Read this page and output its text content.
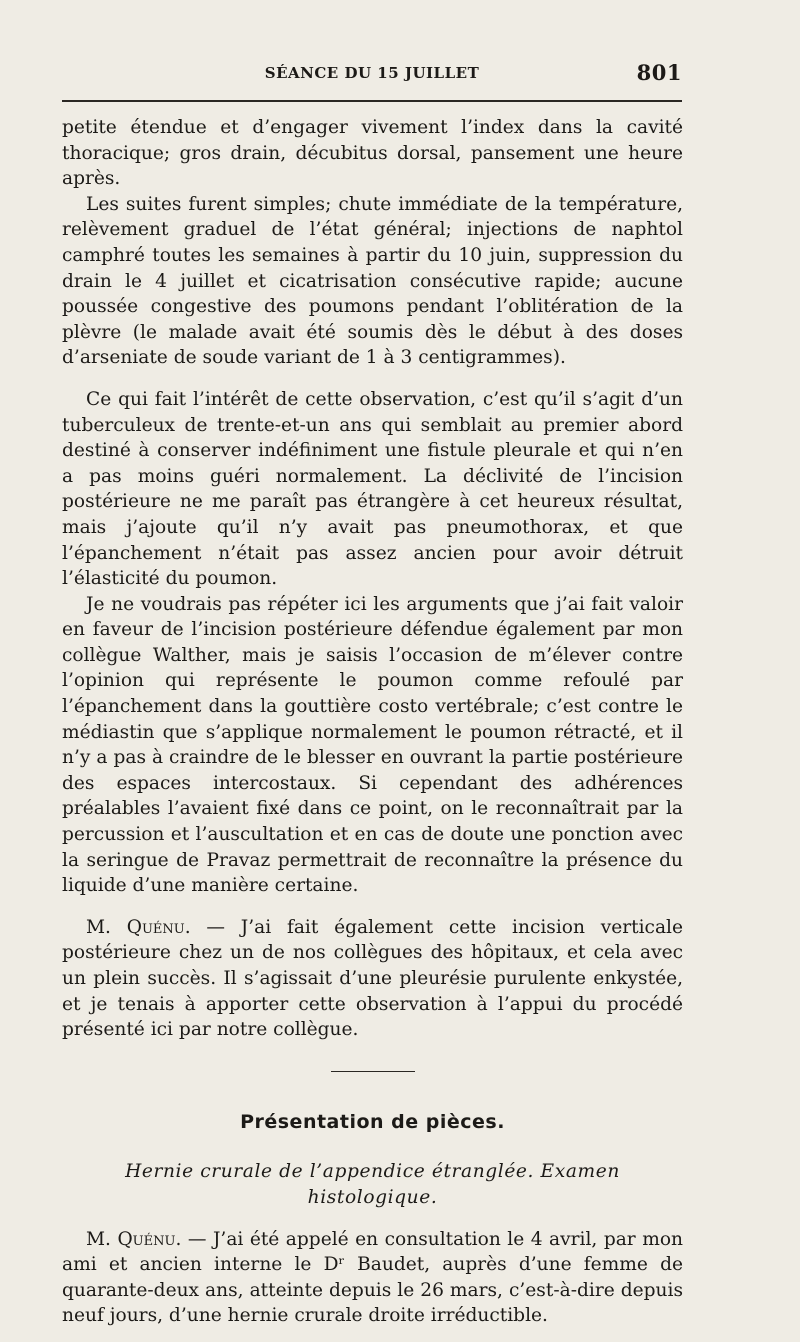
SÉANCE DU 15 JUILLET	801

petite étendue et d’engager vivement l’index dans la cavité thoracique; gros drain, décubitus dorsal, pansement une heure après.

Les suites furent simples; chute immédiate de la température, relèvement graduel de l’état général; injections de naphtol camphré toutes les semaines à partir du 10 juin, suppression du drain le 4 juillet et cicatrisation consécutive rapide; aucune poussée congestive des poumons pendant l’oblitération de la plèvre (le malade avait été soumis dès le début à des doses d’arseniate de soude variant de 1 à 3 centigrammes).

Ce qui fait l’intérêt de cette observation, c’est qu’il s’agit d’un tuberculeux de trente-et-un ans qui semblait au premier abord destiné à conserver indéfiniment une fistule pleurale et qui n’en a pas moins guéri normalement. La déclivité de l’incision postérieure ne me paraît pas étrangère à cet heureux résultat, mais j’ajoute qu’il n’y avait pas pneumothorax, et que l’épanchement n’était pas assez ancien pour avoir détruit l’élasticité du poumon.

Je ne voudrais pas répéter ici les arguments que j’ai fait valoir en faveur de l’incision postérieure défendue également par mon collègue Walther, mais je saisis l’occasion de m’élever contre l’opinion qui représente le poumon comme refoulé par l’épanchement dans la gouttière costo vertébrale; c’est contre le médiastin que s’applique normalement le poumon rétracté, et il n’y a pas à craindre de le blesser en ouvrant la partie postérieure des espaces intercostaux. Si cependant des adhérences préalables l’avaient fixé dans ce point, on le reconnaîtrait par la percussion et l’auscultation et en cas de doute une ponction avec la seringue de Pravaz permettrait de reconnaître la présence du liquide d’une manière certaine.

M. Quénu. — J’ai fait également cette incision verticale postérieure chez un de nos collègues des hôpitaux, et cela avec un plein succès. Il s’agissait d’une pleurésie purulente enkystée, et je tenais à apporter cette observation à l’appui du procédé présenté ici par notre collègue.

Présentation de pièces.
Hernie crurale de l’appendice étranglée. Examen histologique.

M. Quénu. — J’ai été appelé en consultation le 4 avril, par mon ami et ancien interne le Dʳ Baudet, auprès d’une femme de quarante-deux ans, atteinte depuis le 26 mars, c’est-à-dire depuis neuf jours, d’une hernie crurale droite irréductible.
